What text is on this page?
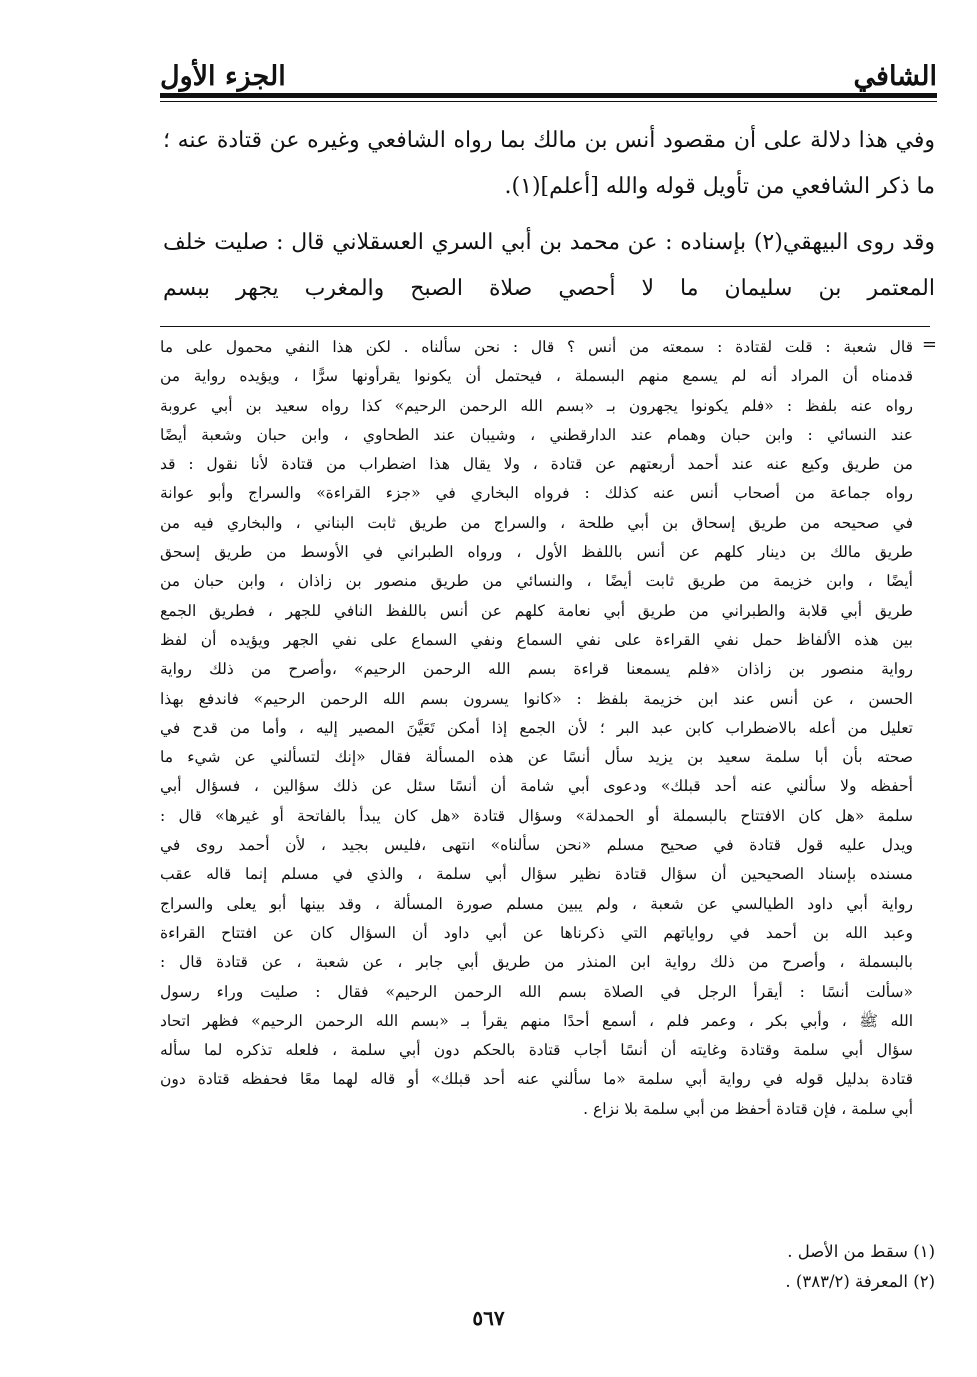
الشافي
الجزء الأول

وفي هذا دلالة على أن مقصود أنس بن مالك بما رواه الشافعي وغيره عن قتادة عنه ؛ ما ذكر الشافعي من تأويل قوله والله [أعلم](١).

وقد روى البيهقي(٢) بإسناده : عن محمد بن أبي السري العسقلاني قال : صليت خلف المعتمر بن سليمان ما لا أحصي صلاة الصبح والمغرب يجهر ببسم

=
قال شعبة : قلت لقتادة : سمعته من أنس ؟ قال : نحن سألناه . لكن هذا النفي محمول على ما
قدمناه أن المراد أنه لم يسمع منهم البسملة ، فيحتمل أن يكونوا يقرأونها سرًّا ، ويؤيده رواية من
رواه عنه بلفظ : «فلم يكونوا يجهرون بـ «بسم الله الرحمن الرحيم» كذا رواه سعيد بن أبي عروبة
عند النسائي : وابن حبان وهمام عند الدارقطني ، وشيبان عند الطحاوي ، وابن حبان وشعبة أيضًا
من طريق وكيع عنه عند أحمد أربعتهم عن قتادة ، ولا يقال هذا اضطراب من قتادة لأنا نقول : قد
رواه جماعة من أصحاب أنس عنه كذلك : فرواه البخاري في «جزء القراءة» والسراج وأبو عوانة
في صحيحه من طريق إسحاق بن أبي طلحة ، والسراج من طريق ثابت البناني ، والبخاري فيه من
طريق مالك بن دينار كلهم عن أنس باللفظ الأول ، ورواه الطبراني في الأوسط من طريق إسحق
أيضًا ، وابن خزيمة من طريق ثابت أيضًا ، والنسائي من طريق منصور بن زاذان ، وابن حبان من
طريق أبي قلابة والطبراني من طريق أبي نعامة كلهم عن أنس باللفظ النافي للجهر ، فطريق الجمع
بين هذه الألفاظ حمل نفي القراءة على نفي السماع ونفي السماع على نفي الجهر ويؤيده أن لفظ
رواية منصور بن زاذان «فلم يسمعنا قراءة بسم الله الرحمن الرحيم» ،وأصرح من ذلك رواية
الحسن ، عن أنس عند ابن خزيمة بلفظ : «كانوا يسرون بسم الله الرحمن الرحيم» فاندفع بهذا
تعليل من أعله بالاضطراب كابن عبد البر ؛ لأن الجمع إذا أمكن تَعَيَّنَ المصير إليه ، وأما من قدح في
صحته بأن أبا سلمة سعيد بن يزيد سأل أنسًا عن هذه المسألة فقال «إنك لتسألني عن شيء ما
أحفظه ولا سألني عنه أحد قبلك» ودعوى أبي شامة أن أنسًا سئل عن ذلك سؤالين ، فسؤال أبي
سلمة «هل كان الافتتاح بالبسملة أو الحمدلة» وسؤال قتادة «هل كان يبدأ بالفاتحة أو غيرها» قال :
ويدل عليه قول قتادة في صحيح مسلم «نحن سألناه» انتهى ،فليس بجيد ، لأن أحمد روى في
مسنده بإسناد الصحيحين أن سؤال قتادة نظير سؤال أبي سلمة ، والذي في مسلم إنما قاله عقب
رواية أبي داود الطيالسي عن شعبة ، ولم يبين مسلم صورة المسألة ، وقد بينها أبو يعلى والسراج
وعبد الله بن أحمد في رواياتهم التي ذكرناها عن أبي داود أن السؤال كان عن افتتاح القراءة
بالبسملة ، وأصرح من ذلك رواية ابن المنذر من طريق أبي جابر ، عن شعبة ، عن قتادة قال :
«سألت أنسًا : أيقرأ الرجل في الصلاة بسم الله الرحمن الرحيم» فقال : صليت وراء رسول
الله ﷺ ، وأبي بكر ، وعمر فلم ، أسمع أحدًا منهم يقرأ بـ «بسم الله الرحمن الرحيم» فظهر اتحاد
سؤال أبي سلمة وقتادة وغايته أن أنسًا أجاب قتادة بالحكم دون أبي سلمة ، فلعله تذكره لما سأله
قتادة بدليل قوله في رواية أبي سلمة «ما سألني عنه أحد قبلك» أو قاله لهما معًا فحفظه قتادة دون
أبي سلمة ، فإن قتادة أحفظ من أبي سلمة بلا نزاع .
(١) سقط من الأصل .
(٢) المعرفة (٣٨٣/٢) .
٥٦٧
